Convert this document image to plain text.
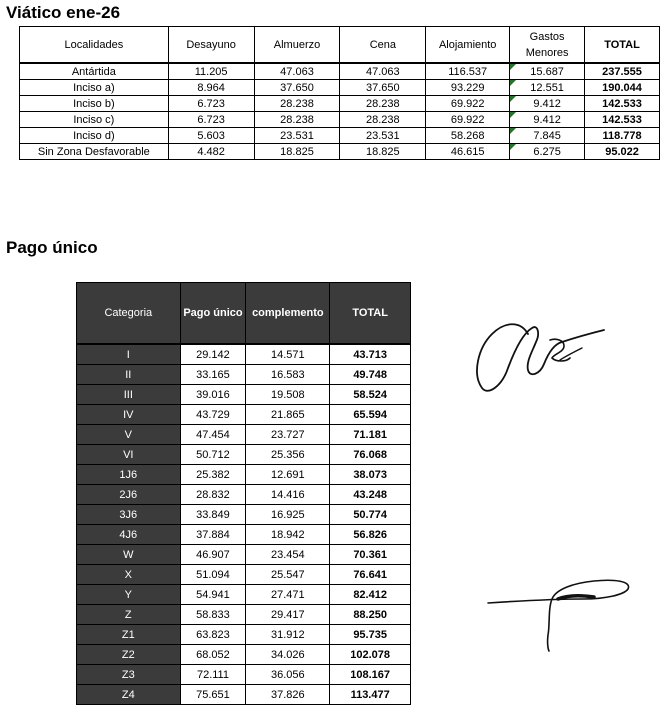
Viático ene-26
Localidades	Desayuno	Almuerzo	Cena	Alojamiento	Gastos Menores	TOTAL
Antártida	11.205	47.063	47.063	116.537	15.687	237.555
Inciso a)	8.964	37.650	37.650	93.229	12.551	190.044
Inciso b)	6.723	28.238	28.238	69.922	9.412	142.533
Inciso c)	6.723	28.238	28.238	69.922	9.412	142.533
Inciso d)	5.603	23.531	23.531	58.268	7.845	118.778
Sin Zona Desfavorable	4.482	18.825	18.825	46.615	6.275	95.022
Pago único
Categoria	Pago único	complemento	TOTAL
I	29.142	14.571	43.713
II	33.165	16.583	49.748
III	39.016	19.508	58.524
IV	43.729	21.865	65.594
V	47.454	23.727	71.181
VI	50.712	25.356	76.068
1J6	25.382	12.691	38.073
2J6	28.832	14.416	43.248
3J6	33.849	16.925	50.774
4J6	37.884	18.942	56.826
W	46.907	23.454	70.361
X	51.094	25.547	76.641
Y	54.941	27.471	82.412
Z	58.833	29.417	88.250
Z1	63.823	31.912	95.735
Z2	68.052	34.026	102.078
Z3	72.111	36.056	108.167
Z4	75.651	37.826	113.477
